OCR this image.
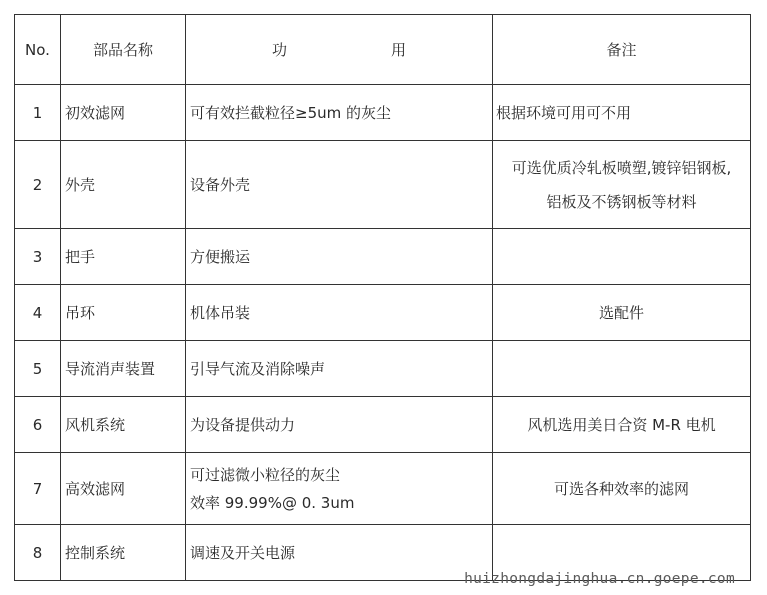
No.	部品名称	功 用	备注
1	初效滤网	可有效拦截粒径≥5um 的灰尘	根据环境可用可不用

2	外壳	设备外壳	可选优质冷轧板喷塑,镀锌铝钢板,
铝板及不锈钢板等材料

3	把手	方便搬运	

4	吊环	机体吊装	选配件

5	导流消声装置	引导气流及消除噪声	

6	风机系统	为设备提供动力	风机选用美日合资 M-R 电机

7	高效滤网	可过滤微小粒径的灰尘
效率 99.99%@ 0. 3um	可选各种效率的滤网

8	控制系统	调速及开关电源	

huizhongdajinghua.cn.goepe.com
